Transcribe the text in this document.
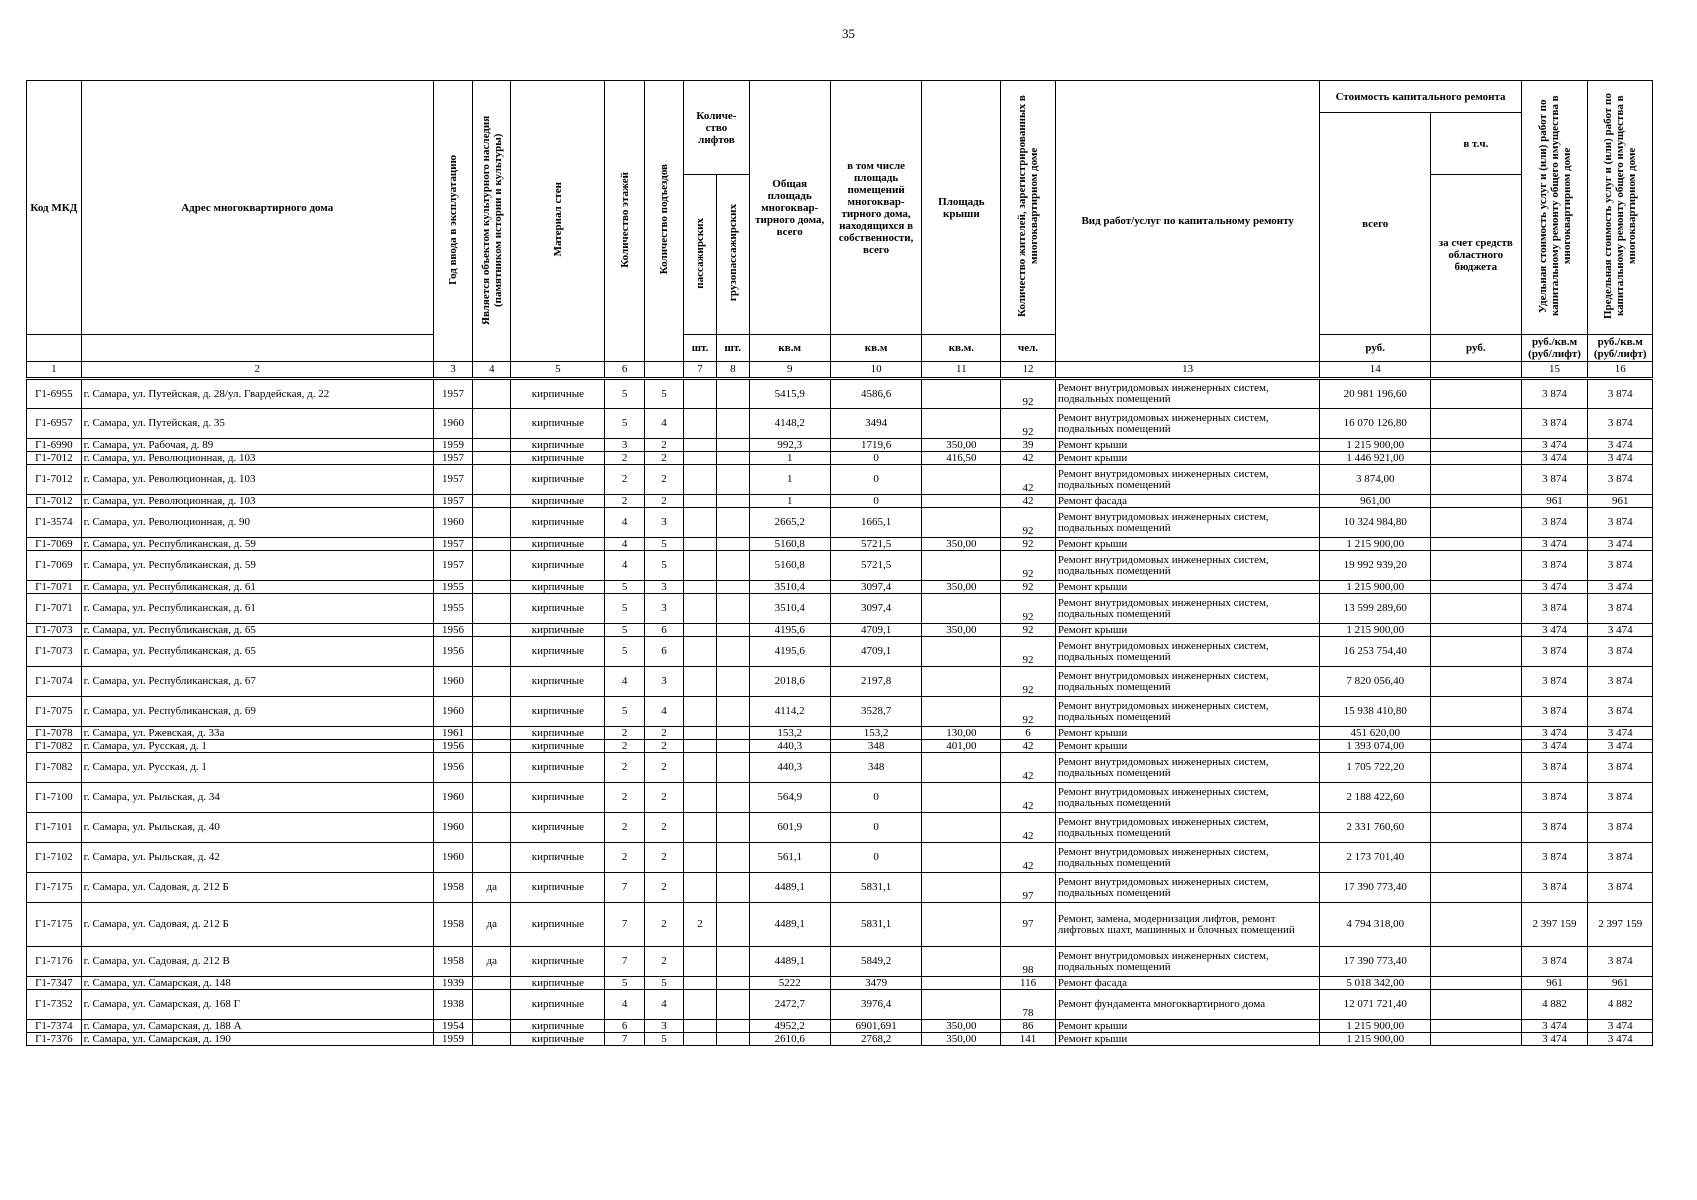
35
Код МКД	Адрес многоквартирного дома	Год ввода в эксплуатацию	Является объектом культурного наследия (памятником истории и культуры)	Материал стен	Количество этажей	Количество подъездов	Количе- ство лифтов		Общая площадь многоквар- тирного дома, всего	в том числе площадь помещений многоквар- тирного дома, находящихся в собственности, всего	Площадь крыши	Количество жителей, зарегистрированных в многоквартирном доме	Вид работ/услуг по капитальному ремонту	Стоимость капитального ремонта		Удельная стоимость услуг и (или) работ по капитальному ремонту общего имущества в многоквартирном доме	Предельная стоимость услуг и (или) работ по капитальному ремонту общего имущества в многоквартирном доме
														всего	в т.ч.		
							пассажирских	грузопассажирских							за счет средств областного бюджета		
							шт.	шт.	кв.м	кв.м	кв.м.	чел.		руб.	руб.	руб./кв.м (руб/лифт)	руб./кв.м (руб/лифт)
1	2	3	4	5	6		7	8	9	10	11	12	13	14		15	16
Г1-6955	г. Самара, ул. Путейская, д. 28/ул. Гвардейская, д. 22	1957		кирпичные	5	5			5415,9	4586,6		92	Ремонт внутридомовых инженерных систем, подвальных помещений	20 981 196,60		3 874	3 874
Г1-6957	г. Самара, ул. Путейская, д. 35	1960		кирпичные	5	4			4148,2	3494		92	Ремонт внутридомовых инженерных систем, подвальных помещений	16 070 126,80		3 874	3 874
Г1-6990	г. Самара, ул. Рабочая, д. 89	1959		кирпичные	3	2			992,3	1719,6	350,00	39	Ремонт крыши	1 215 900,00		3 474	3 474
Г1-7012	г. Самара, ул. Революционная, д. 103	1957		кирпичные	2	2			1	0	416,50	42	Ремонт крыши	1 446 921,00		3 474	3 474
Г1-7012	г. Самара, ул. Революционная, д. 103	1957		кирпичные	2	2			1	0		42	Ремонт внутридомовых инженерных систем, подвальных помещений	3 874,00		3 874	3 874
Г1-7012	г. Самара, ул. Революционная, д. 103	1957		кирпичные	2	2			1	0		42	Ремонт фасада	961,00		961	961
Г1-3574	г. Самара, ул. Революционная, д. 90	1960		кирпичные	4	3			2665,2	1665,1		92	Ремонт внутридомовых инженерных систем, подвальных помещений	10 324 984,80		3 874	3 874
Г1-7069	г. Самара, ул. Республиканская, д. 59	1957		кирпичные	4	5			5160,8	5721,5	350,00	92	Ремонт крыши	1 215 900,00		3 474	3 474
Г1-7069	г. Самара, ул. Республиканская, д. 59	1957		кирпичные	4	5			5160,8	5721,5		92	Ремонт внутридомовых инженерных систем, подвальных помещений	19 992 939,20		3 874	3 874
Г1-7071	г. Самара, ул. Республиканская, д. 61	1955		кирпичные	5	3			3510,4	3097,4	350,00	92	Ремонт крыши	1 215 900,00		3 474	3 474
Г1-7071	г. Самара, ул. Республиканская, д. 61	1955		кирпичные	5	3			3510,4	3097,4		92	Ремонт внутридомовых инженерных систем, подвальных помещений	13 599 289,60		3 874	3 874
Г1-7073	г. Самара, ул. Республиканская, д. 65	1956		кирпичные	5	6			4195,6	4709,1	350,00	92	Ремонт крыши	1 215 900,00		3 474	3 474
Г1-7073	г. Самара, ул. Республиканская, д. 65	1956		кирпичные	5	6			4195,6	4709,1		92	Ремонт внутридомовых инженерных систем, подвальных помещений	16 253 754,40		3 874	3 874
Г1-7074	г. Самара, ул. Республиканская, д. 67	1960		кирпичные	4	3			2018,6	2197,8		92	Ремонт внутридомовых инженерных систем, подвальных помещений	7 820 056,40		3 874	3 874
Г1-7075	г. Самара, ул. Республиканская, д. 69	1960		кирпичные	5	4			4114,2	3528,7		92	Ремонт внутридомовых инженерных систем, подвальных помещений	15 938 410,80		3 874	3 874
Г1-7078	г. Самара, ул. Ржевская, д. 33а	1961		кирпичные	2	2			153,2	153,2	130,00	6	Ремонт крыши	451 620,00		3 474	3 474
Г1-7082	г. Самара, ул. Русская, д. 1	1956		кирпичные	2	2			440,3	348	401,00	42	Ремонт крыши	1 393 074,00		3 474	3 474
Г1-7082	г. Самара, ул. Русская, д. 1	1956		кирпичные	2	2			440,3	348		42	Ремонт внутридомовых инженерных систем, подвальных помещений	1 705 722,20		3 874	3 874
Г1-7100	г. Самара, ул. Рыльская, д. 34	1960		кирпичные	2	2			564,9	0		42	Ремонт внутридомовых инженерных систем, подвальных помещений	2 188 422,60		3 874	3 874
Г1-7101	г. Самара, ул. Рыльская, д. 40	1960		кирпичные	2	2			601,9	0		42	Ремонт внутридомовых инженерных систем, подвальных помещений	2 331 760,60		3 874	3 874
Г1-7102	г. Самара, ул. Рыльская, д. 42	1960		кирпичные	2	2			561,1	0		42	Ремонт внутридомовых инженерных систем, подвальных помещений	2 173 701,40		3 874	3 874
Г1-7175	г. Самара, ул. Садовая, д. 212 Б	1958	да	кирпичные	7	2			4489,1	5831,1		97	Ремонт внутридомовых инженерных систем, подвальных помещений	17 390 773,40		3 874	3 874
Г1-7175	г. Самара, ул. Садовая, д. 212 Б	1958	да	кирпичные	7	2	2		4489,1	5831,1		97	Ремонт, замена, модернизация лифтов, ремонт лифтовых шахт, машинных и блочных помещений	4 794 318,00		2 397 159	2 397 159
Г1-7176	г. Самара, ул. Садовая, д. 212 В	1958	да	кирпичные	7	2			4489,1	5849,2		98	Ремонт внутридомовых инженерных систем, подвальных помещений	17 390 773,40		3 874	3 874
Г1-7347	г. Самара, ул. Самарская, д. 148	1939		кирпичные	5	5			5222	3479		116	Ремонт фасада	5 018 342,00		961	961
Г1-7352	г. Самара, ул. Самарская, д. 168 Г	1938		кирпичные	4	4			2472,7	3976,4		78	Ремонт фундамента многоквартирного дома	12 071 721,40		4 882	4 882
Г1-7374	г. Самара, ул. Самарская, д. 188 А	1954		кирпичные	6	3			4952,2	6901,691	350,00	86	Ремонт крыши	1 215 900,00		3 474	3 474
Г1-7376	г. Самара, ул. Самарская, д. 190	1959		кирпичные	7	5			2610,6	2768,2	350,00	141	Ремонт крыши	1 215 900,00		3 474	3 474
